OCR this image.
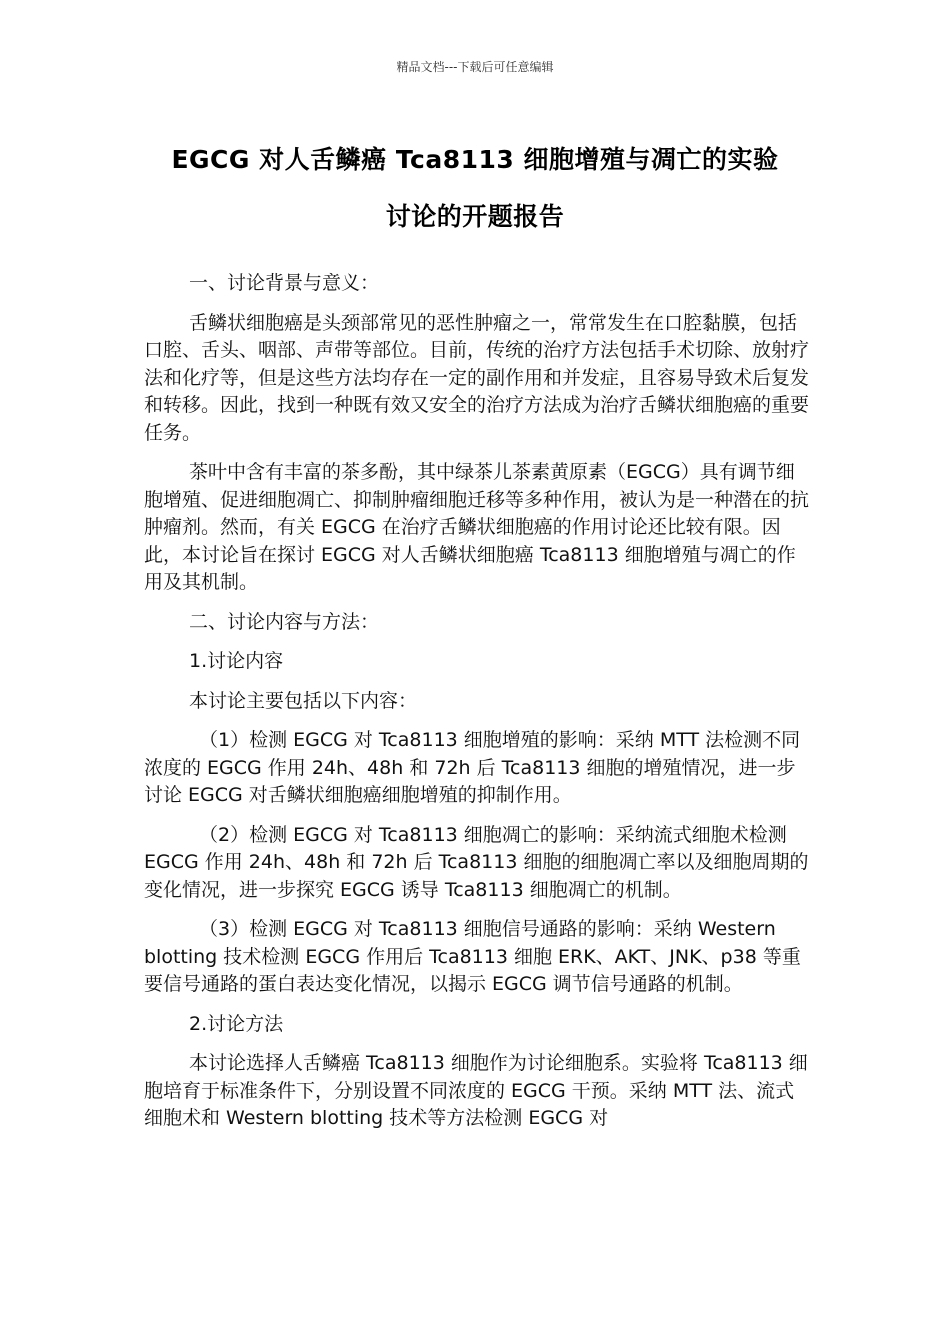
精品文档---下载后可任意编辑
EGCG 对人舌鳞癌 Tca8113 细胞增殖与凋亡的实验
讨论的开题报告

一、讨论背景与意义：

舌鳞状细胞癌是头颈部常见的恶性肿瘤之一，常常发生在口腔黏膜，包括口腔、舌头、咽部、声带等部位。目前，传统的治疗方法包括手术切除、放射疗法和化疗等，但是这些方法均存在一定的副作用和并发症，且容易导致术后复发和转移。因此，找到一种既有效又安全的治疗方法成为治疗舌鳞状细胞癌的重要任务。

茶叶中含有丰富的茶多酚，其中绿茶儿茶素黄原素（EGCG）具有调节细胞增殖、促进细胞凋亡、抑制肿瘤细胞迁移等多种作用，被认为是一种潜在的抗肿瘤剂。然而，有关 EGCG 在治疗舌鳞状细胞癌的作用讨论还比较有限。因此，本讨论旨在探讨 EGCG 对人舌鳞状细胞癌 Tca8113 细胞增殖与凋亡的作用及其机制。

二、讨论内容与方法：

1.讨论内容

本讨论主要包括以下内容：

（1）检测 EGCG 对 Tca8113 细胞增殖的影响：采纳 MTT 法检测不同浓度的 EGCG 作用 24h、48h 和 72h 后 Tca8113 细胞的增殖情况，进一步讨论 EGCG 对舌鳞状细胞癌细胞增殖的抑制作用。

（2）检测 EGCG 对 Tca8113 细胞凋亡的影响：采纳流式细胞术检测 EGCG 作用 24h、48h 和 72h 后 Tca8113 细胞的细胞凋亡率以及细胞周期的变化情况，进一步探究 EGCG 诱导 Tca8113 细胞凋亡的机制。

（3）检测 EGCG 对 Tca8113 细胞信号通路的影响：采纳 Western blotting 技术检测 EGCG 作用后 Tca8113 细胞 ERK、AKT、JNK、p38 等重要信号通路的蛋白表达变化情况，以揭示 EGCG 调节信号通路的机制。

2.讨论方法

本讨论选择人舌鳞癌 Tca8113 细胞作为讨论细胞系。实验将 Tca8113 细胞培育于标准条件下，分别设置不同浓度的 EGCG 干预。采纳 MTT 法、流式细胞术和 Western blotting 技术等方法检测 EGCG 对
